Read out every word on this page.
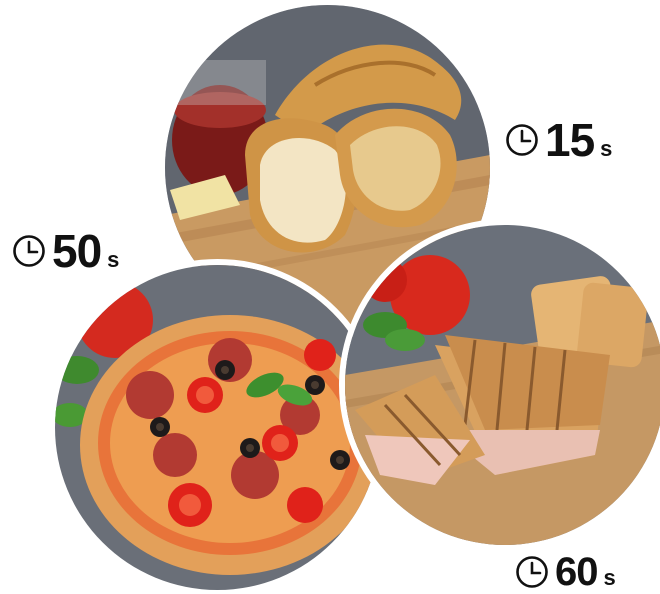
15 s
50 s
60 s
